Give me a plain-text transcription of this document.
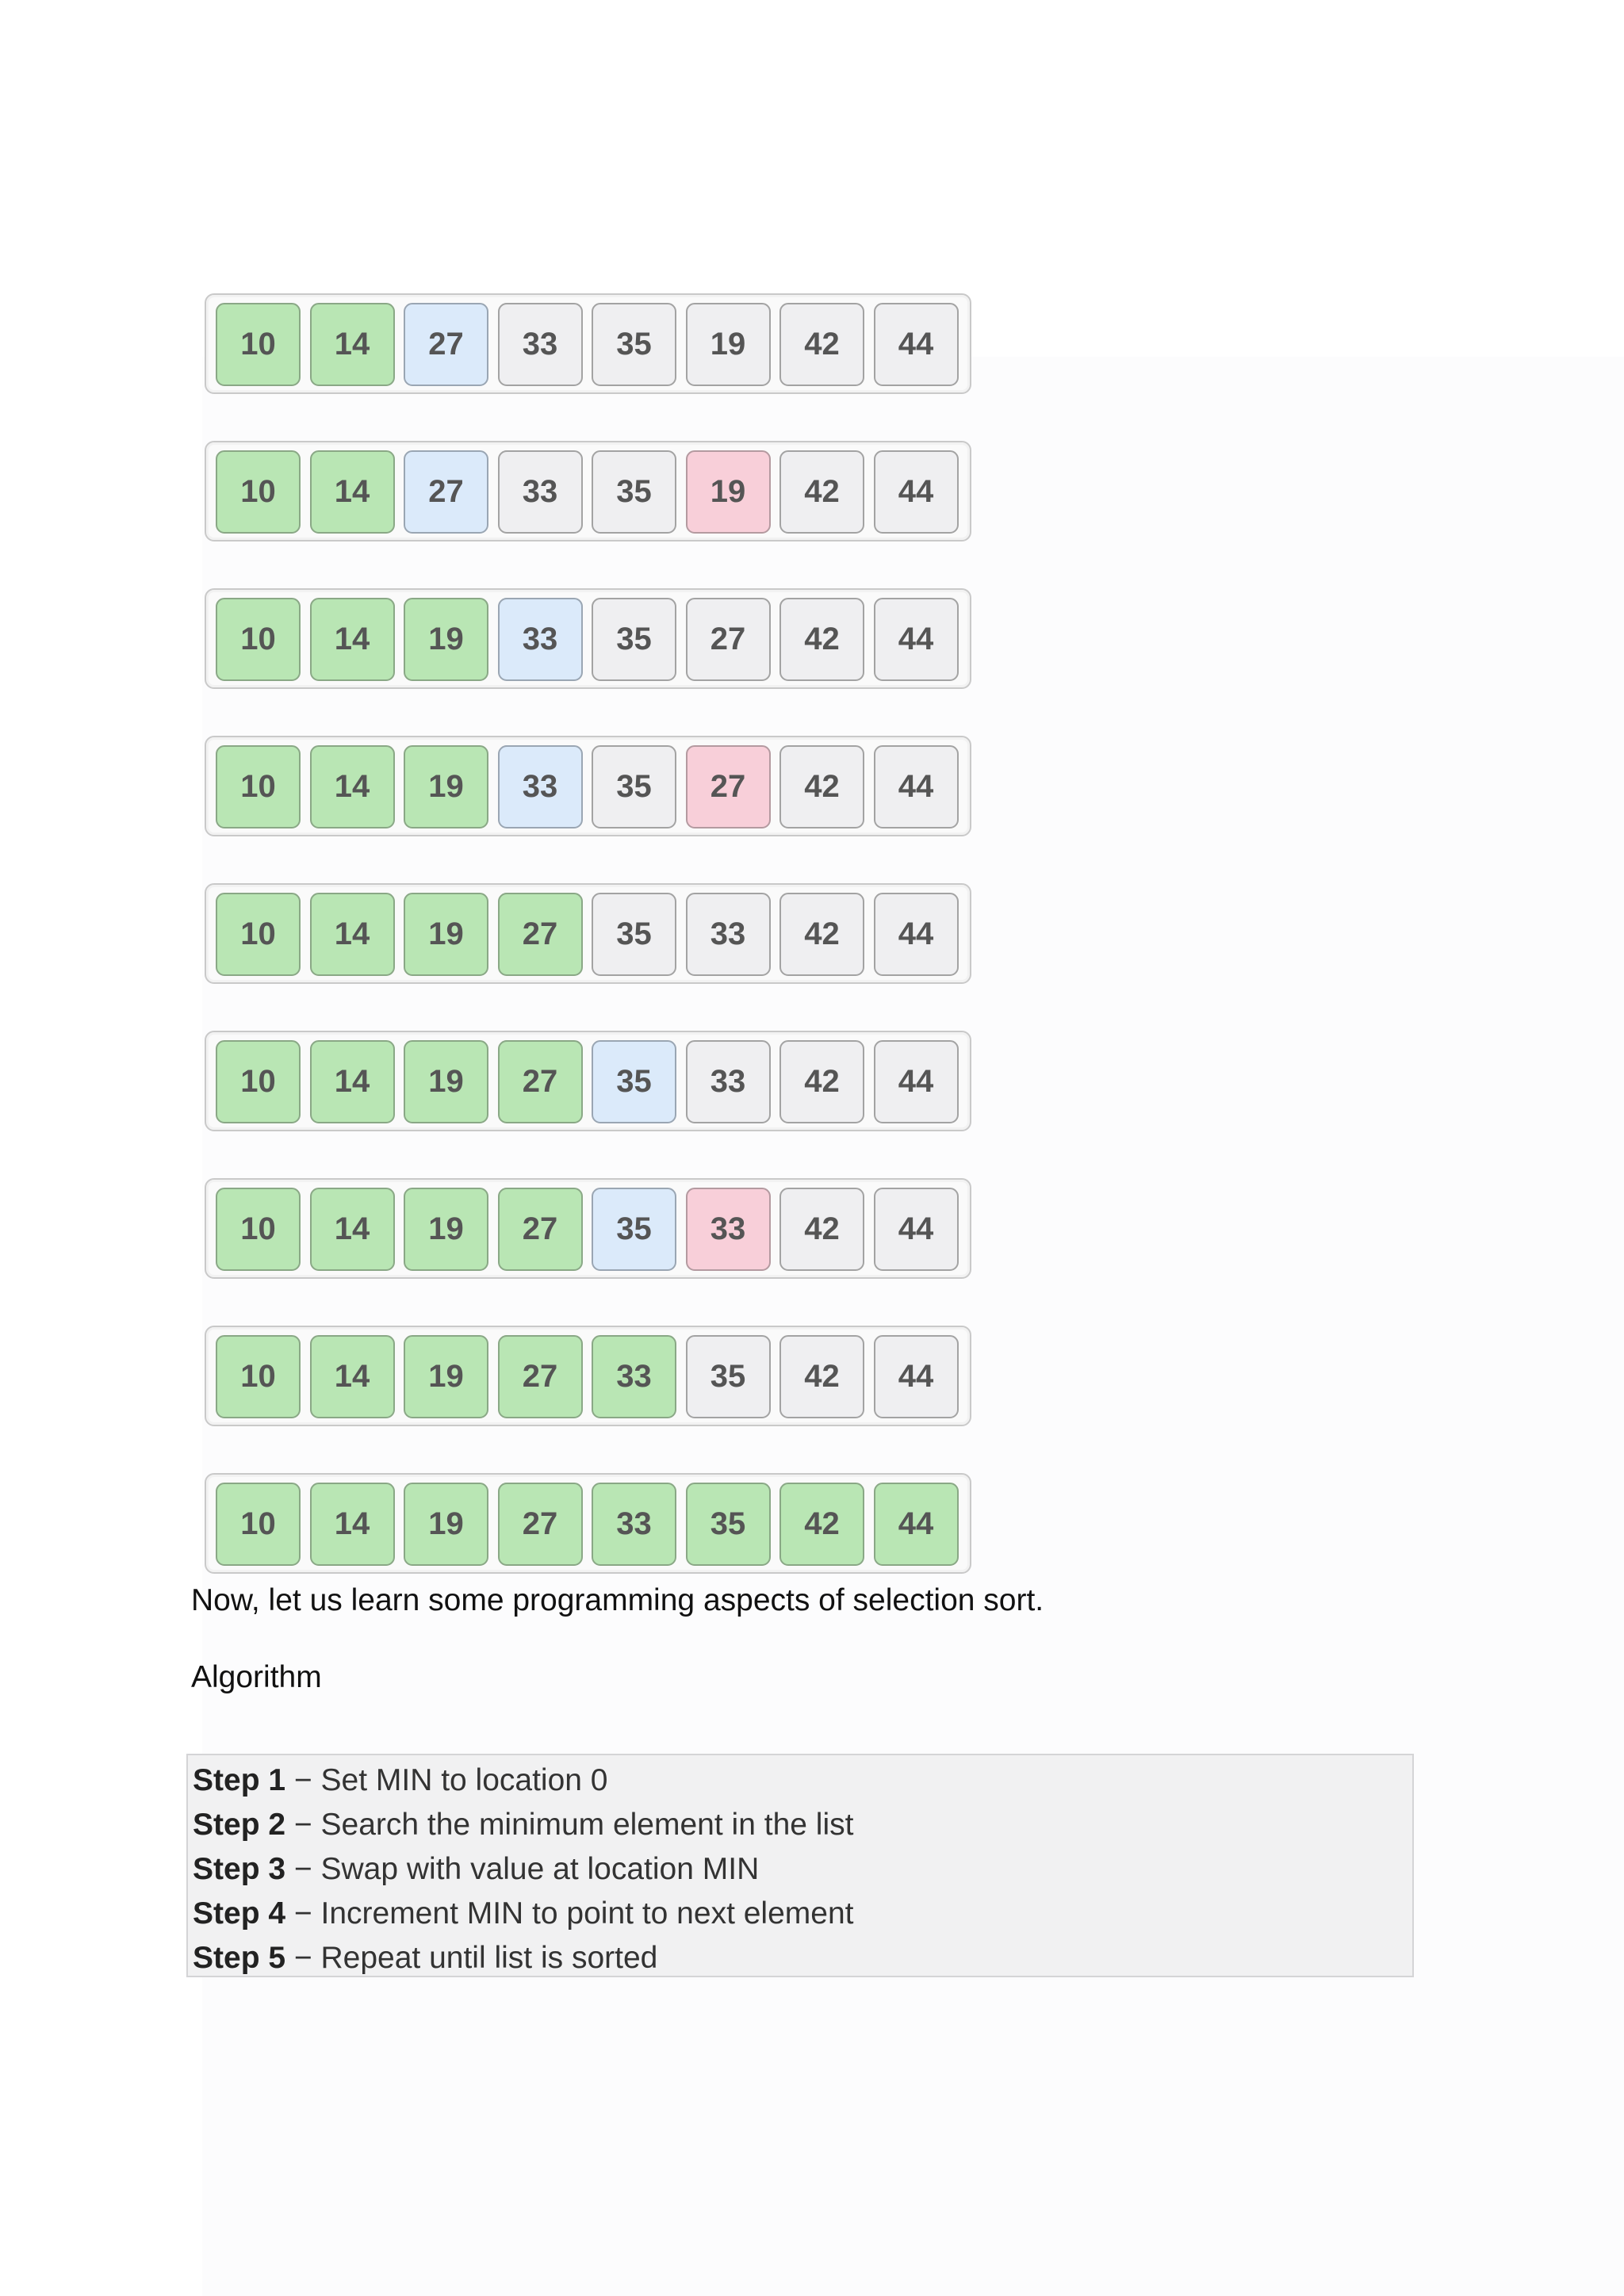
10	14	27	33	35	19	42	44
10	14	27	33	35	19	42	44
10	14	19	33	35	27	42	44
10	14	19	33	35	27	42	44
10	14	19	27	35	33	42	44
10	14	19	27	35	33	42	44
10	14	19	27	35	33	42	44
10	14	19	27	33	35	42	44
10	14	19	27	33	35	42	44
Now, let us learn some programming aspects of selection sort.
Algorithm
Step 1 − Set MIN to location 0
Step 2 − Search the minimum element in the list
Step 3 − Swap with value at location MIN
Step 4 − Increment MIN to point to next element
Step 5 − Repeat until list is sorted
